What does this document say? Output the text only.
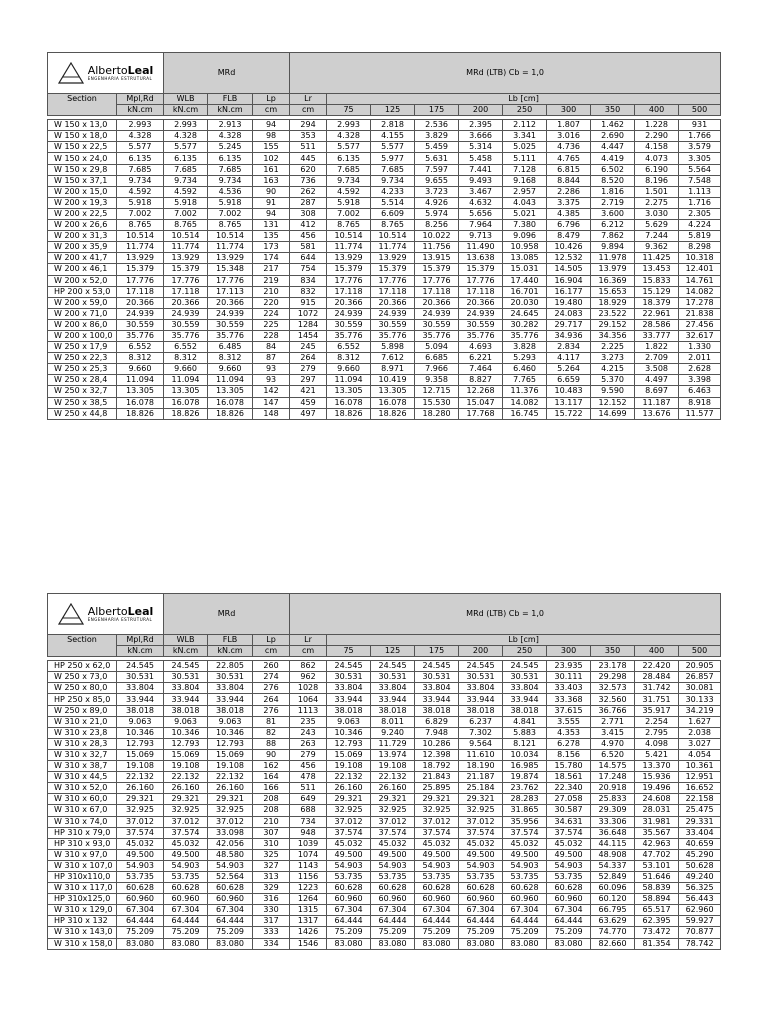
AlbertoLeal
ENGENHARIA ESTRUTURAL		MRd			MRd (LTB) Cb = 1,0									
Section	Mpl,Rd	WLB	FLB	Lp	Lr	Lb [cm]								
	kN.cm	kN.cm	kN.cm	cm	cm	75	125	175	200	250	300	350	400	500

W 150 x 13,0	2.993	2.993	2.913	94	294	2.993	2.818	2.536	2.395	2.112	1.807	1.462	1.228	931
W 150 x 18,0	4.328	4.328	4.328	98	353	4.328	4.155	3.829	3.666	3.341	3.016	2.690	2.290	1.766
W 150 x 22,5	5.577	5.577	5.245	155	511	5.577	5.577	5.459	5.314	5.025	4.736	4.447	4.158	3.579
W 150 x 24,0	6.135	6.135	6.135	102	445	6.135	5.977	5.631	5.458	5.111	4.765	4.419	4.073	3.305
W 150 x 29,8	7.685	7.685	7.685	161	620	7.685	7.685	7.597	7.441	7.128	6.815	6.502	6.190	5.564
W 150 x 37,1	9.734	9.734	9.734	163	736	9.734	9.734	9.655	9.493	9.168	8.844	8.520	8.196	7.548
W 200 x 15,0	4.592	4.592	4.536	90	262	4.592	4.233	3.723	3.467	2.957	2.286	1.816	1.501	1.113
W 200 x 19,3	5.918	5.918	5.918	91	287	5.918	5.514	4.926	4.632	4.043	3.375	2.719	2.275	1.716
W 200 x 22,5	7.002	7.002	7.002	94	308	7.002	6.609	5.974	5.656	5.021	4.385	3.600	3.030	2.305
W 200 x 26,6	8.765	8.765	8.765	131	412	8.765	8.765	8.256	7.964	7.380	6.796	6.212	5.629	4.224
W 200 x 31,3	10.514	10.514	10.514	135	456	10.514	10.514	10.022	9.713	9.096	8.479	7.862	7.244	5.819
W 200 x 35,9	11.774	11.774	11.774	173	581	11.774	11.774	11.756	11.490	10.958	10.426	9.894	9.362	8.298
W 200 x 41,7	13.929	13.929	13.929	174	644	13.929	13.929	13.915	13.638	13.085	12.532	11.978	11.425	10.318
W 200 x 46,1	15.379	15.379	15.348	217	754	15.379	15.379	15.379	15.379	15.031	14.505	13.979	13.453	12.401
W 200 x 52,0	17.776	17.776	17.776	219	834	17.776	17.776	17.776	17.776	17.440	16.904	16.369	15.833	14.761
HP 200 x 53,0	17.118	17.118	17.113	210	832	17.118	17.118	17.118	17.118	16.701	16.177	15.653	15.129	14.082
W 200 x 59,0	20.366	20.366	20.366	220	915	20.366	20.366	20.366	20.366	20.030	19.480	18.929	18.379	17.278
W 200 x 71,0	24.939	24.939	24.939	224	1072	24.939	24.939	24.939	24.939	24.645	24.083	23.522	22.961	21.838
W 200 x 86,0	30.559	30.559	30.559	225	1284	30.559	30.559	30.559	30.559	30.282	29.717	29.152	28.586	27.456
W 200 x 100,0	35.776	35.776	35.776	228	1454	35.776	35.776	35.776	35.776	35.776	34.936	34.356	33.777	32.617
W 250 x 17,9	6.552	6.552	6.485	84	245	6.552	5.898	5.094	4.693	3.828	2.834	2.225	1.822	1.330
W 250 x 22,3	8.312	8.312	8.312	87	264	8.312	7.612	6.685	6.221	5.293	4.117	3.273	2.709	2.011
W 250 x 25,3	9.660	9.660	9.660	93	279	9.660	8.971	7.966	7.464	6.460	5.264	4.215	3.508	2.628
W 250 x 28,4	11.094	11.094	11.094	93	297	11.094	10.419	9.358	8.827	7.765	6.659	5.370	4.497	3.398
W 250 x 32,7	13.305	13.305	13.305	142	421	13.305	13.305	12.715	12.268	11.376	10.483	9.590	8.697	6.463
W 250 x 38,5	16.078	16.078	16.078	147	459	16.078	16.078	15.530	15.047	14.082	13.117	12.152	11.187	8.918
W 250 x 44,8	18.826	18.826	18.826	148	497	18.826	18.826	18.280	17.768	16.745	15.722	14.699	13.676	11.577
AlbertoLeal
ENGENHARIA ESTRUTURAL		MRd			MRd (LTB) Cb = 1,0									
Section	Mpl,Rd	WLB	FLB	Lp	Lr	Lb [cm]								
	kN.cm	kN.cm	kN.cm	cm	cm	75	125	175	200	250	300	350	400	500

HP 250 x 62,0	24.545	24.545	22.805	260	862	24.545	24.545	24.545	24.545	24.545	23.935	23.178	22.420	20.905
W 250 x 73,0	30.531	30.531	30.531	274	962	30.531	30.531	30.531	30.531	30.531	30.111	29.298	28.484	26.857
W 250 x 80,0	33.804	33.804	33.804	276	1028	33.804	33.804	33.804	33.804	33.804	33.403	32.573	31.742	30.081
HP 250 x 85,0	33.944	33.944	33.944	264	1064	33.944	33.944	33.944	33.944	33.944	33.368	32.560	31.751	30.133
W 250 x 89,0	38.018	38.018	38.018	276	1113	38.018	38.018	38.018	38.018	38.018	37.615	36.766	35.917	34.219
W 310 x 21,0	9.063	9.063	9.063	81	235	9.063	8.011	6.829	6.237	4.841	3.555	2.771	2.254	1.627
W 310 x 23,8	10.346	10.346	10.346	82	243	10.346	9.240	7.948	7.302	5.883	4.353	3.415	2.795	2.038
W 310 x 28,3	12.793	12.793	12.793	88	263	12.793	11.729	10.286	9.564	8.121	6.278	4.970	4.098	3.027
W 310 x 32,7	15.069	15.069	15.069	90	279	15.069	13.974	12.398	11.610	10.034	8.156	6.520	5.421	4.054
W 310 x 38,7	19.108	19.108	19.108	162	456	19.108	19.108	18.792	18.190	16.985	15.780	14.575	13.370	10.361
W 310 x 44,5	22.132	22.132	22.132	164	478	22.132	22.132	21.843	21.187	19.874	18.561	17.248	15.936	12.951
W 310 x 52,0	26.160	26.160	26.160	166	511	26.160	26.160	25.895	25.184	23.762	22.340	20.918	19.496	16.652
W 310 x 60,0	29.321	29.321	29.321	208	649	29.321	29.321	29.321	29.321	28.283	27.058	25.833	24.608	22.158
W 310 x 67,0	32.925	32.925	32.925	208	688	32.925	32.925	32.925	32.925	31.865	30.587	29.309	28.031	25.475
W 310 x 74,0	37.012	37.012	37.012	210	734	37.012	37.012	37.012	37.012	35.956	34.631	33.306	31.981	29.331
HP 310 x 79,0	37.574	37.574	33.098	307	948	37.574	37.574	37.574	37.574	37.574	37.574	36.648	35.567	33.404
HP 310 x 93,0	45.032	45.032	42.056	310	1039	45.032	45.032	45.032	45.032	45.032	45.032	44.115	42.963	40.659
W 310 x 97,0	49.500	49.500	48.580	325	1074	49.500	49.500	49.500	49.500	49.500	49.500	48.908	47.702	45.290
W 310 x 107,0	54.903	54.903	54.903	327	1143	54.903	54.903	54.903	54.903	54.903	54.903	54.337	53.101	50.628
HP 310x110,0	53.735	53.735	52.564	313	1156	53.735	53.735	53.735	53.735	53.735	53.735	52.849	51.646	49.240
W 310 x 117,0	60.628	60.628	60.628	329	1223	60.628	60.628	60.628	60.628	60.628	60.628	60.096	58.839	56.325
HP 310x125,0	60.960	60.960	60.960	316	1264	60.960	60.960	60.960	60.960	60.960	60.960	60.120	58.894	56.443
W 310 x 129,0	67.304	67.304	67.304	330	1315	67.304	67.304	67.304	67.304	67.304	67.304	66.795	65.517	62.960
HP 310 x 132	64.444	64.444	64.444	317	1317	64.444	64.444	64.444	64.444	64.444	64.444	63.629	62.395	59.927
W 310 x 143,0	75.209	75.209	75.209	333	1426	75.209	75.209	75.209	75.209	75.209	75.209	74.770	73.472	70.877
W 310 x 158,0	83.080	83.080	83.080	334	1546	83.080	83.080	83.080	83.080	83.080	83.080	82.660	81.354	78.742
